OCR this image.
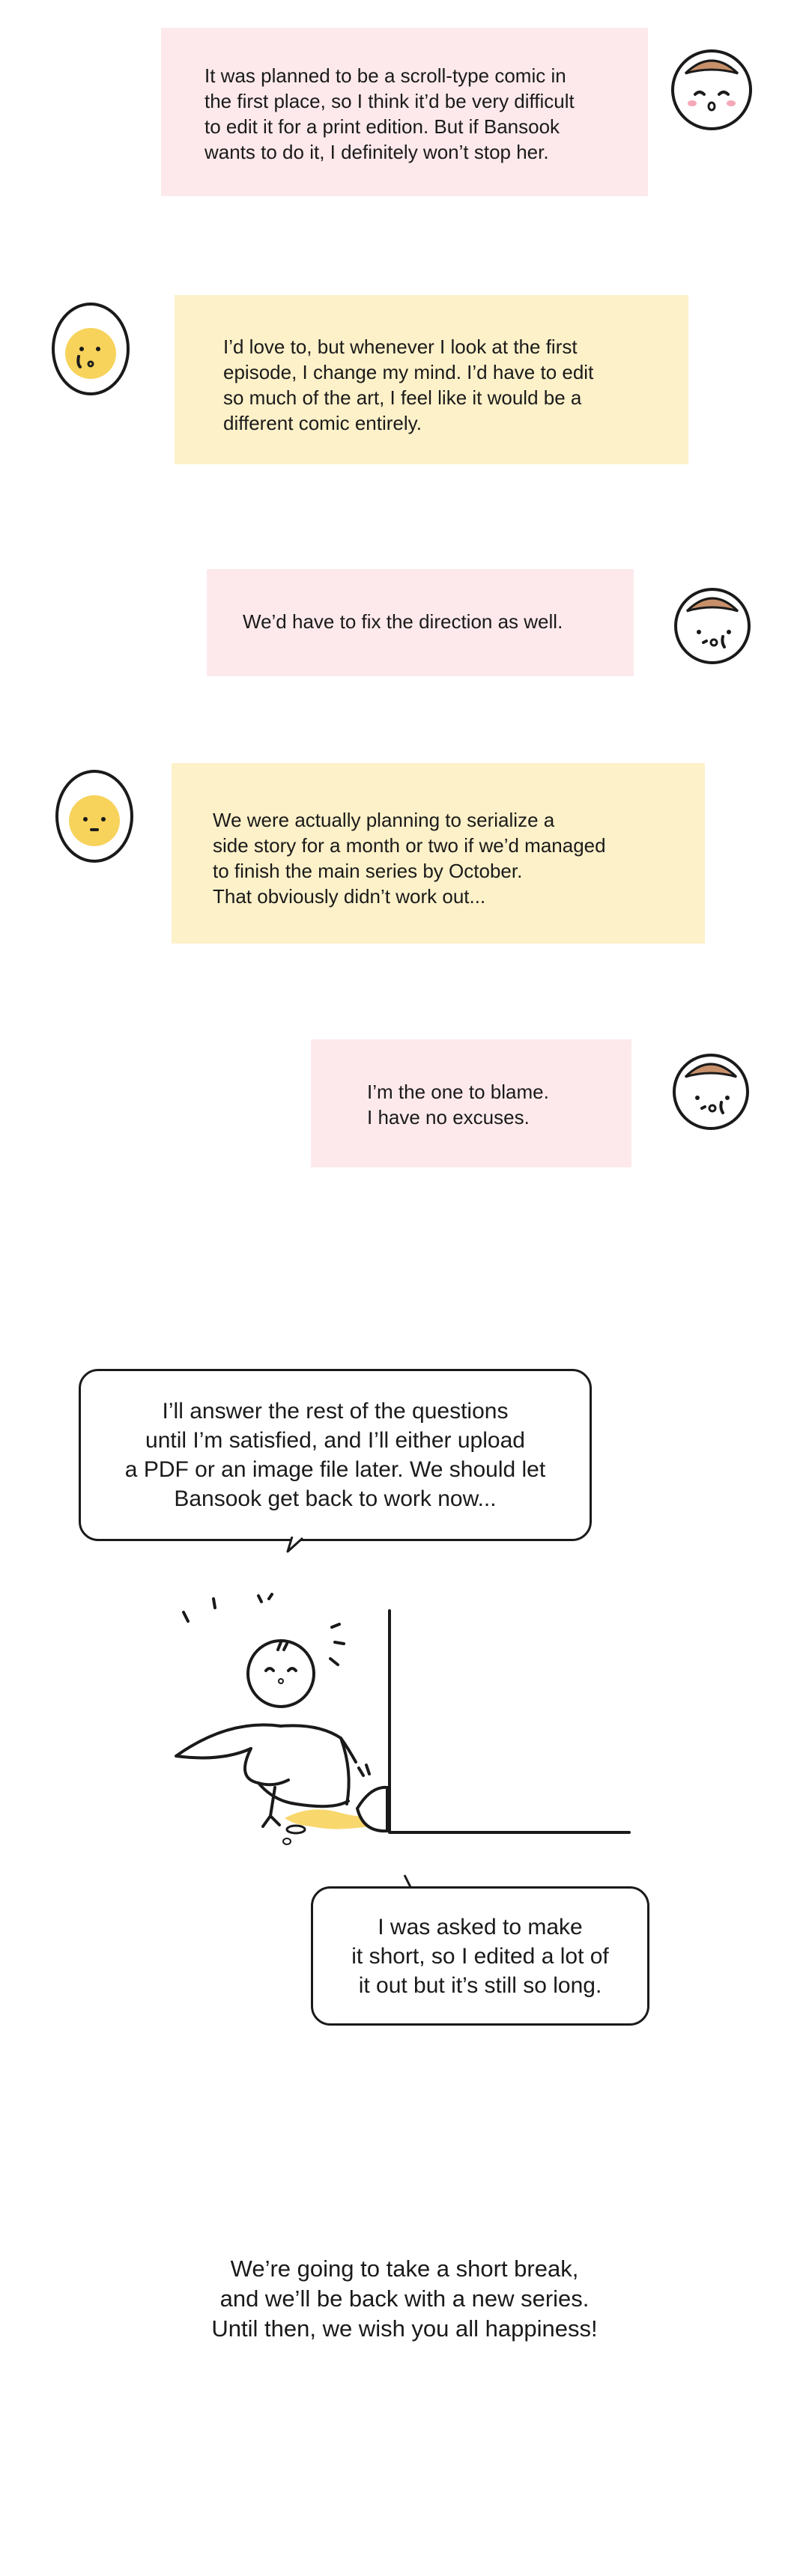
It was planned to be a scroll-type comic in
the first place, so I think it’d be very difficult
to edit it for a print edition. But if Bansook
wants to do it, I definitely won’t stop her.

I’d love to, but whenever I look at the first
episode, I change my mind. I’d have to edit
so much of the art, I feel like it would be a
different comic entirely.

We’d have to fix the direction as well.

We were actually planning to serialize a
side story for a month or two if we’d managed
to finish the main series by October.
That obviously didn’t work out...

I’m the one to blame.
I have no excuses.

I’ll answer the rest of the questions
until I’m satisfied, and I’ll either upload
a PDF or an image file later. We should let
Bansook get back to work now...

I was asked to make
it short, so I edited a lot of
it out but it’s still so long.

We’re going to take a short break,
and we’ll be back with a new series.
Until then, we wish you all happiness!
